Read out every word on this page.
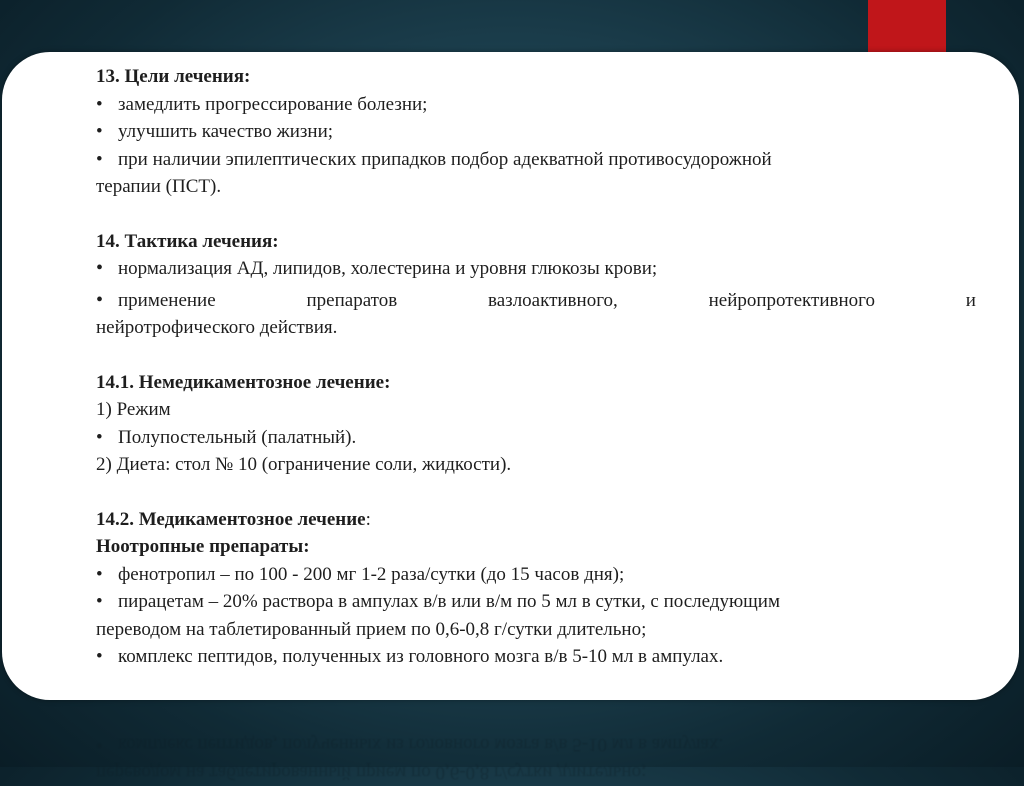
13. Цели лечения:

• замедлить прогрессирование болезни;

• улучшить качество жизни;

• при наличии эпилептических припадков подбор адекватной противосудорожной

терапии (ПСТ).

14. Тактика лечения:

• нормализация АД, липидов, холестерина и уровня глюкозы крови;

• применение	препаратов	вазлоактивного,	нейропротективного	и

нейротрофического действия.

14.1. Немедикаментозное лечение:

1) Режим

• Полупостельный (палатный).

2) Диета: стол № 10 (ограничение соли, жидкости).

14.2. Медикаментозное лечение:

Ноотропные препараты:

• фенотропил – по 100 - 200 мг 1-2 раза/сутки (до 15 часов дня);

• пирацетам – 20% раствора в ампулах в/в или в/м по 5 мл в сутки, с последующим

переводом на таблетированный прием по 0,6-0,8 г/сутки длительно;

• комплекс пептидов, полученных из головного мозга в/в 5-10 мл в ампулах.

• комплекс пептидов, полученных из головного мозга в/в 5-10 мл в ампулах.
переводом на таблетированный прием по 0,6-0,8 г/сутки длительно;
